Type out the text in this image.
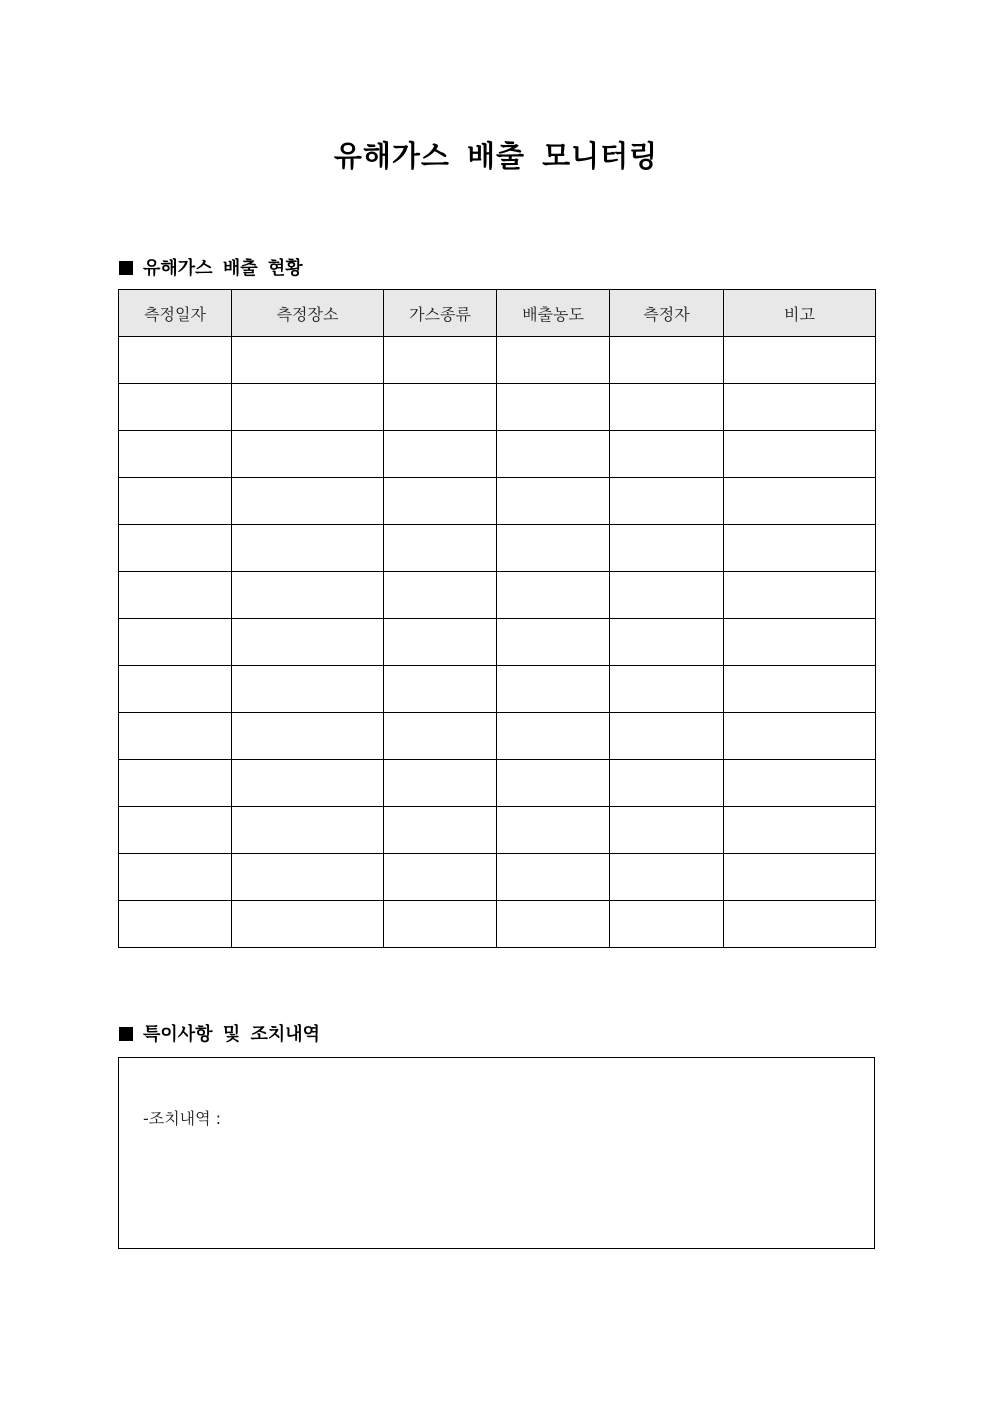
유해가스 배출 모니터링
유해가스 배출 현황
측정일자	측정장소	가스종류	배출농도	측정자	비고

특이사항 및 조치내역
-조치내역 :
